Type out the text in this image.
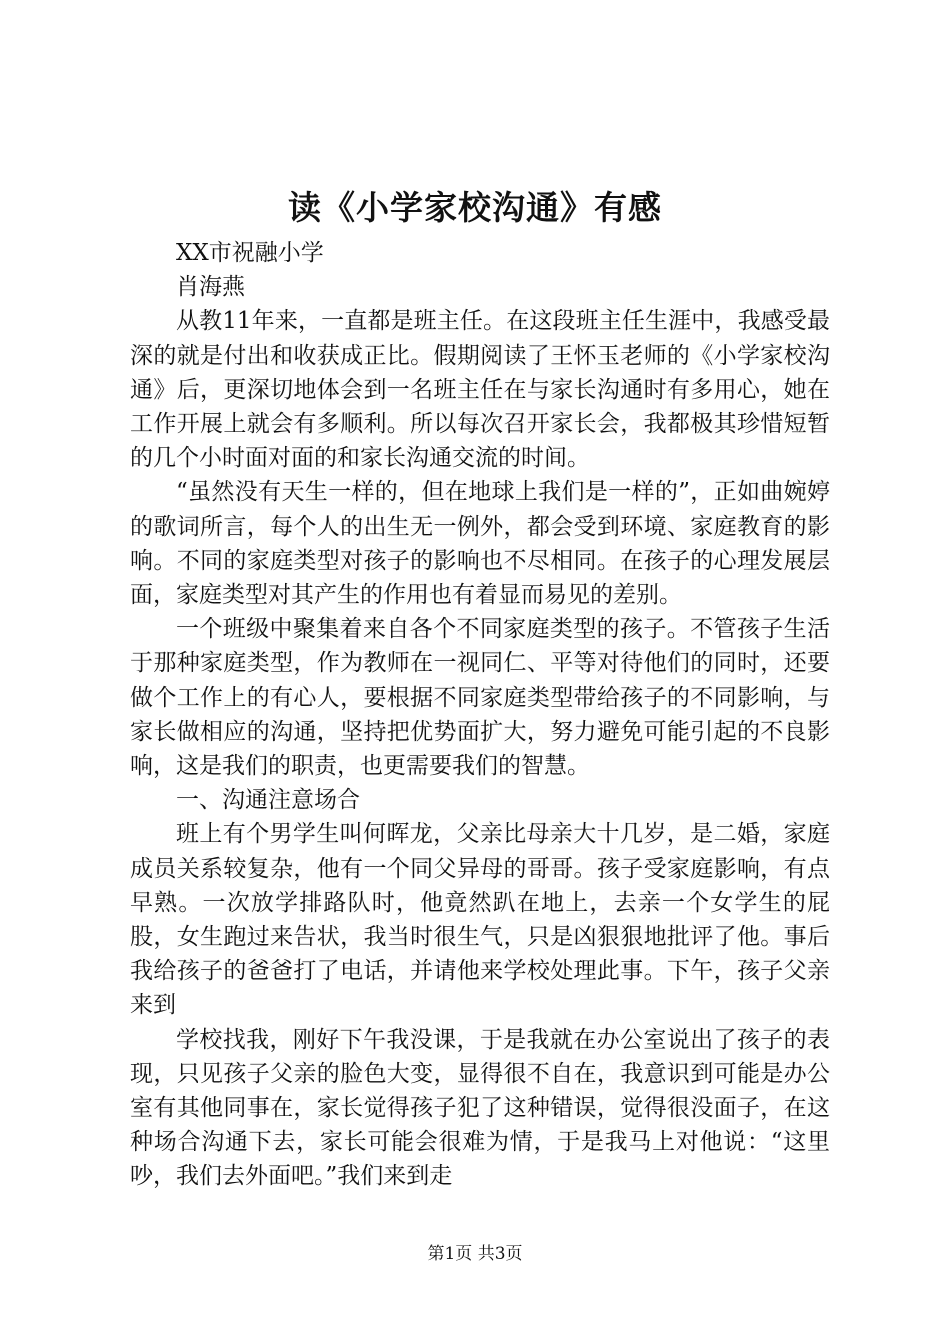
读《小学家校沟通》有感

XX市祝融小学

肖海燕

从教11年来，一直都是班主任。在这段班主任生涯中，我感受最深的就是付出和收获成正比。假期阅读了王怀玉老师的《小学家校沟通》后，更深切地体会到一名班主任在与家长沟通时有多用心，她在工作开展上就会有多顺利。所以每次召开家长会，我都极其珍惜短暂的几个小时面对面的和家长沟通交流的时间。

“虽然没有天生一样的，但在地球上我们是一样的”，正如曲婉婷的歌词所言，每个人的出生无一例外，都会受到环境、家庭教育的影响。不同的家庭类型对孩子的影响也不尽相同。在孩子的心理发展层面，家庭类型对其产生的作用也有着显而易见的差别。

一个班级中聚集着来自各个不同家庭类型的孩子。不管孩子生活于那种家庭类型，作为教师在一视同仁、平等对待他们的同时，还要做个工作上的有心人，要根据不同家庭类型带给孩子的不同影响，与家长做相应的沟通，坚持把优势面扩大，努力避免可能引起的不良影响，这是我们的职责，也更需要我们的智慧。

一、沟通注意场合

班上有个男学生叫何晖龙，父亲比母亲大十几岁，是二婚，家庭成员关系较复杂，他有一个同父异母的哥哥。孩子受家庭影响，有点早熟。一次放学排路队时，他竟然趴在地上，去亲一个女学生的屁股，女生跑过来告状，我当时很生气，只是凶狠狠地批评了他。事后我给孩子的爸爸打了电话，并请他来学校处理此事。下午，孩子父亲来到

学校找我，刚好下午我没课，于是我就在办公室说出了孩子的表现，只见孩子父亲的脸色大变，显得很不自在，我意识到可能是办公室有其他同事在，家长觉得孩子犯了这种错误，觉得很没面子，在这种场合沟通下去，家长可能会很难为情，于是我马上对他说：“这里吵，我们去外面吧。”我们来到走

第1页 共3页
